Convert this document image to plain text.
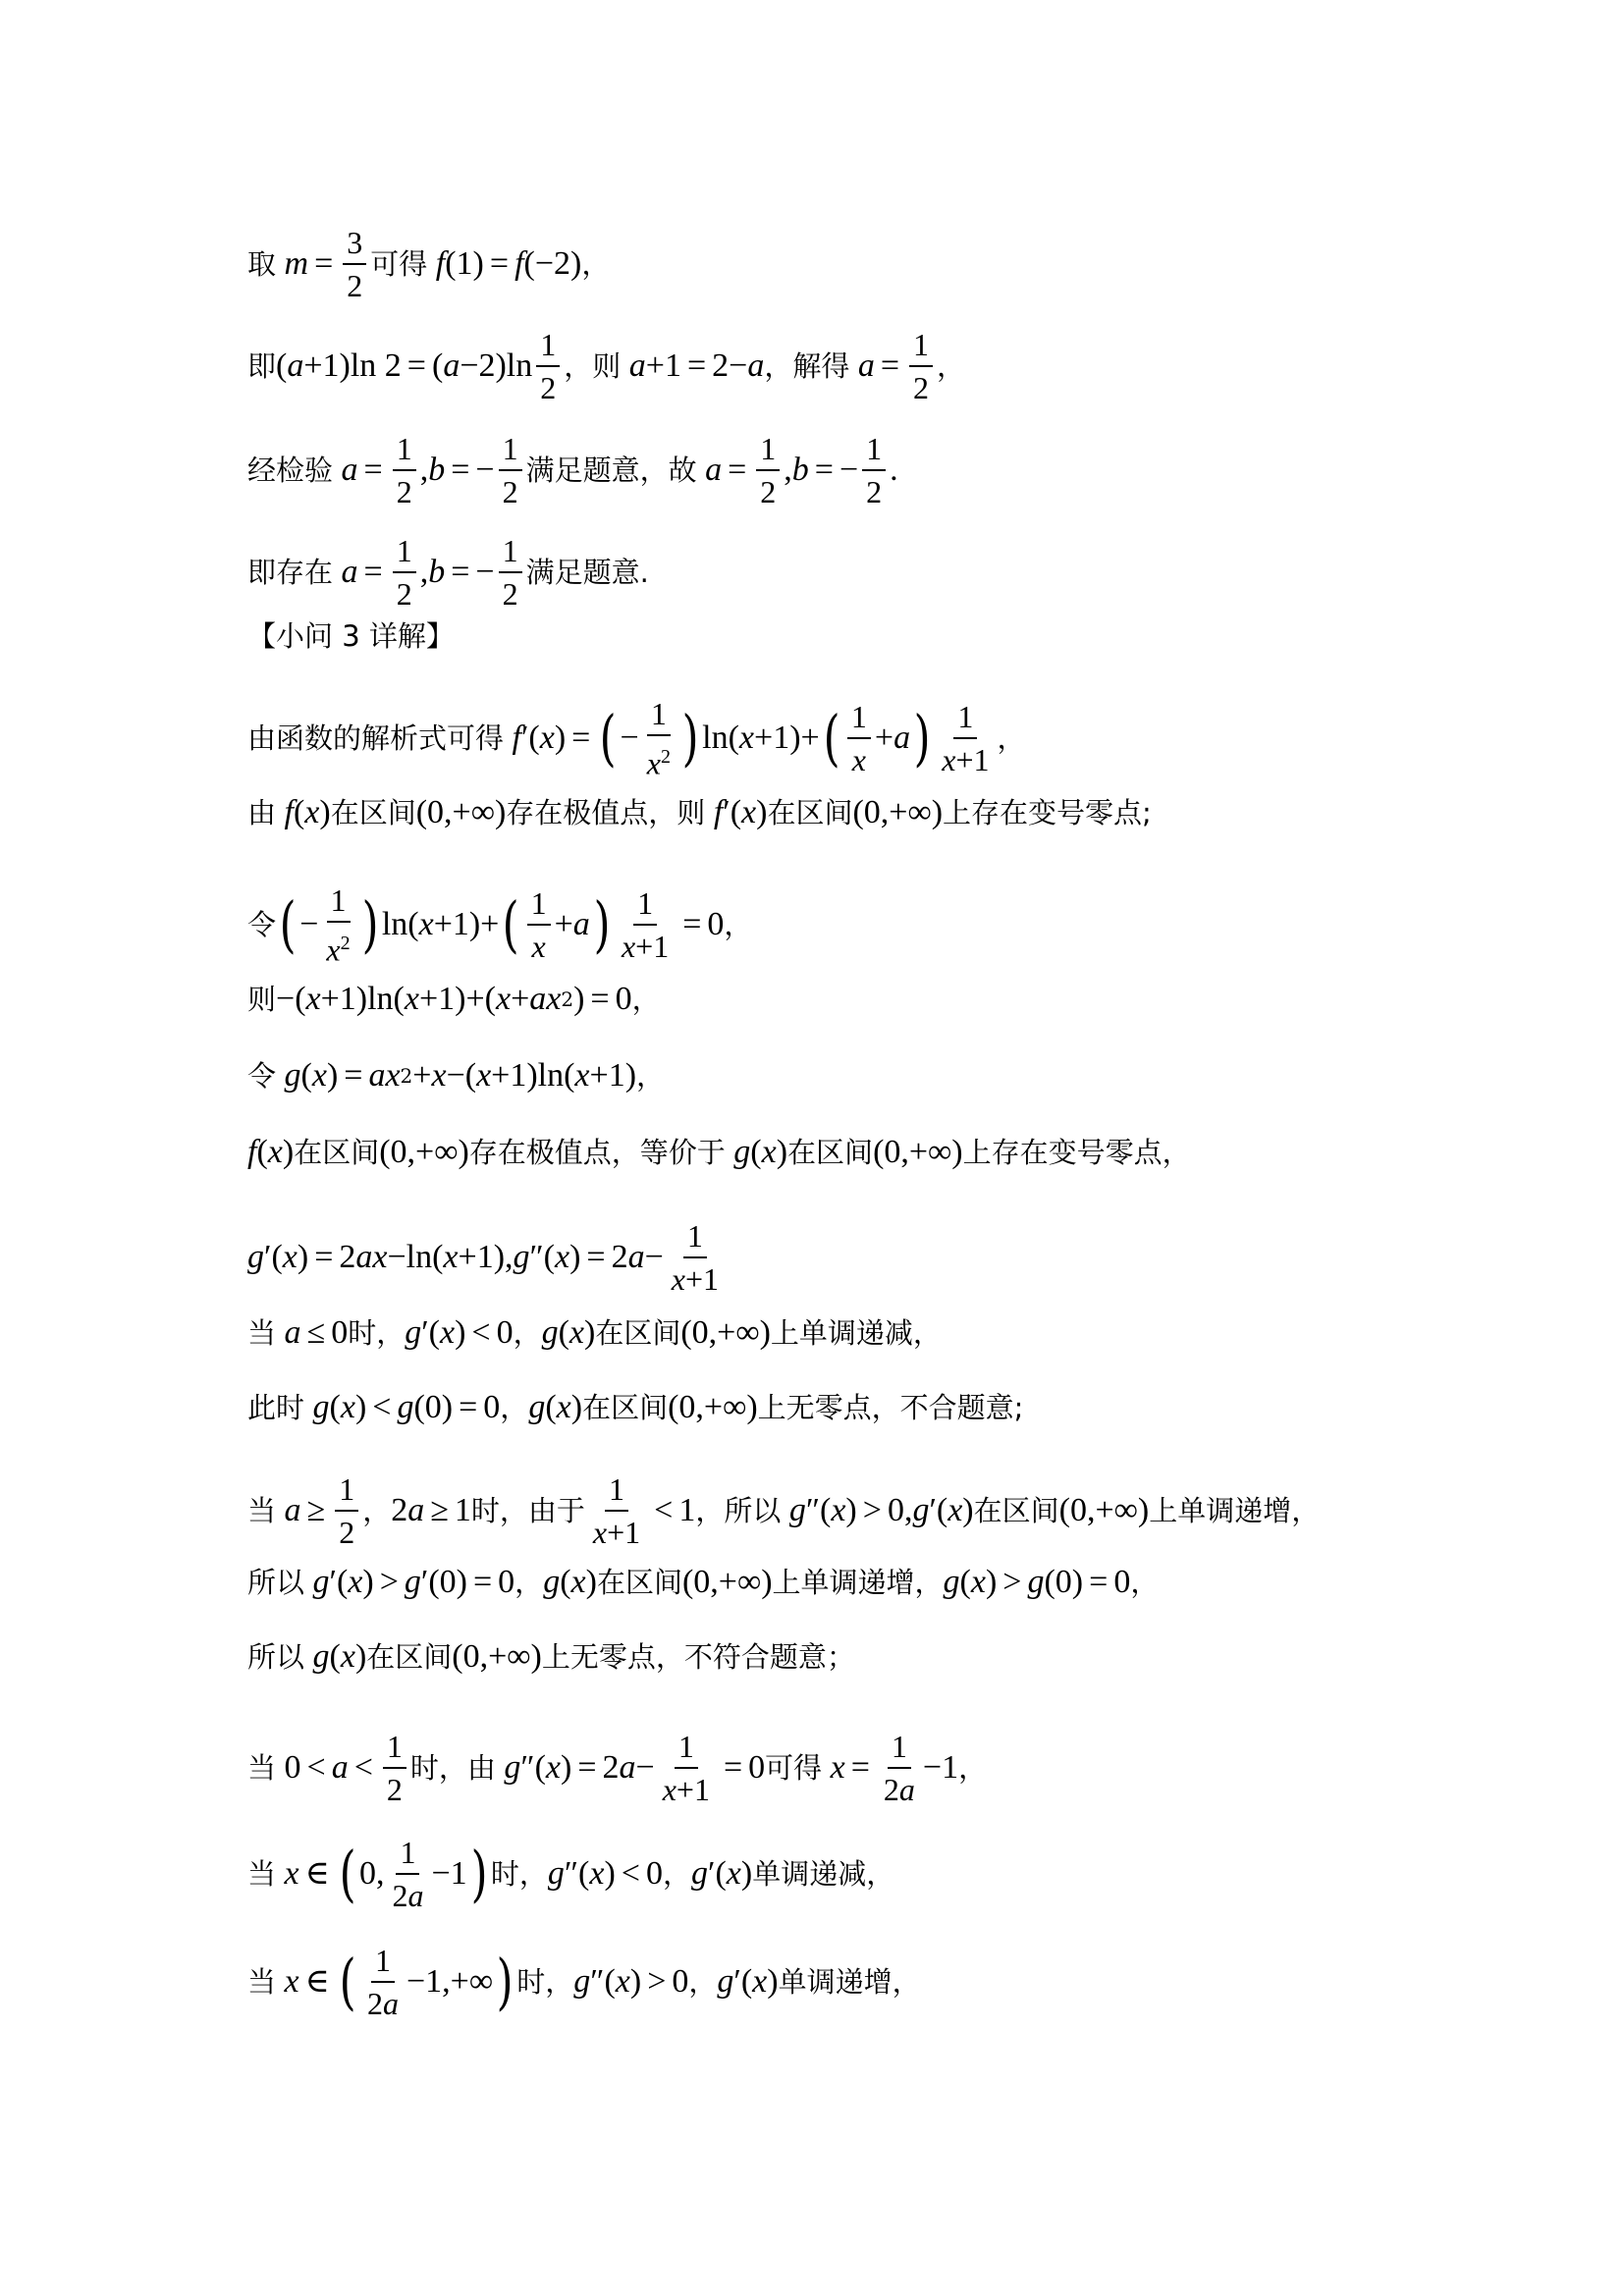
取 $m = \frac{3}{2}$ 可得 f (1) = f (−2) ，
即 ( a +1)ln 2 = ( $a -2)\ln \frac{1}{2}$ ，则 a +1 = 2− a ，解得 $a = \frac{1}{2}$ ，
经检验 $a = \frac{1}{2}$ , b = − $\frac{1}{2}$ 满足题意，故 $a = \frac{1}{2}$ , b = − $\frac{1}{2}$ .
即存在 $a = \frac{1}{2}$ , b = − $\frac{1}{2}$ 满足题意.
【小问 3 详解】
由函数的解析式可得 f ′( x ) = ( − $\frac{1}{x^2}$ ) ln( x +1)+ ( $\frac{1}{x} + a$ ) $\frac{1}{x+1}$ ，
由 f ( x ) 在区间 (0,+∞) 存在极值点，则 f ′( x ) 在区间 (0,+∞) 上存在变号零点;
令 ( − $\frac{1}{x^2}$ ) ln( x +1)+ ( $\frac{1}{x} + a$ ) $\frac{1}{x+1} = 0$ ，
则 −( x +1)ln( x +1)+( x + ax 2 ) = 0 ，
令 g ( x ) = ax 2 + x −( x +1)ln( x +1) ，
f ( x ) 在区间 (0,+∞) 存在极值点，等价于 g ( x ) 在区间 (0,+∞) 上存在变号零点，
g ′( x ) = 2 ax −ln( x +1), g ″( x ) = 2 $a - \frac{1}{x+1}$
当 a ≤ 0 时， g ′( x ) < 0 ， g ( x ) 在区间 (0,+∞) 上单调递减，
此时 g ( x ) < g (0) = 0 ， g ( x ) 在区间 (0,+∞) 上无零点，不合题意;
当 $a \ge \frac{1}{2}$ ， 2 a ≥ 1 时，由于 $\frac{1}{x+1} < 1$ ，所以 g ″( x ) > 0, g ′( x ) 在区间 (0,+∞) 上单调递增，
所以 g ′( x ) > g ′(0) = 0 ， g ( x ) 在区间 (0,+∞) 上单调递增， g ( x ) > g (0) = 0 ，
所以 g ( x ) 在区间 (0,+∞) 上无零点，不符合题意；
当 $0 < a < \frac{1}{2}$ 时，由 g ″( x ) = 2 $a - \frac{1}{x+1} = 0$ 可得 $x = \frac{1}{2a} -1$ ，
当 x ∈ ( 0, $\frac{1}{2a} -1$ ) 时， g ″( x ) < 0 ， g ′( x ) 单调递减，
当 x ∈ ( $\frac{1}{2a} -1,+\infty$ ) 时， g ″( x ) > 0 ， g ′( x ) 单调递增，
